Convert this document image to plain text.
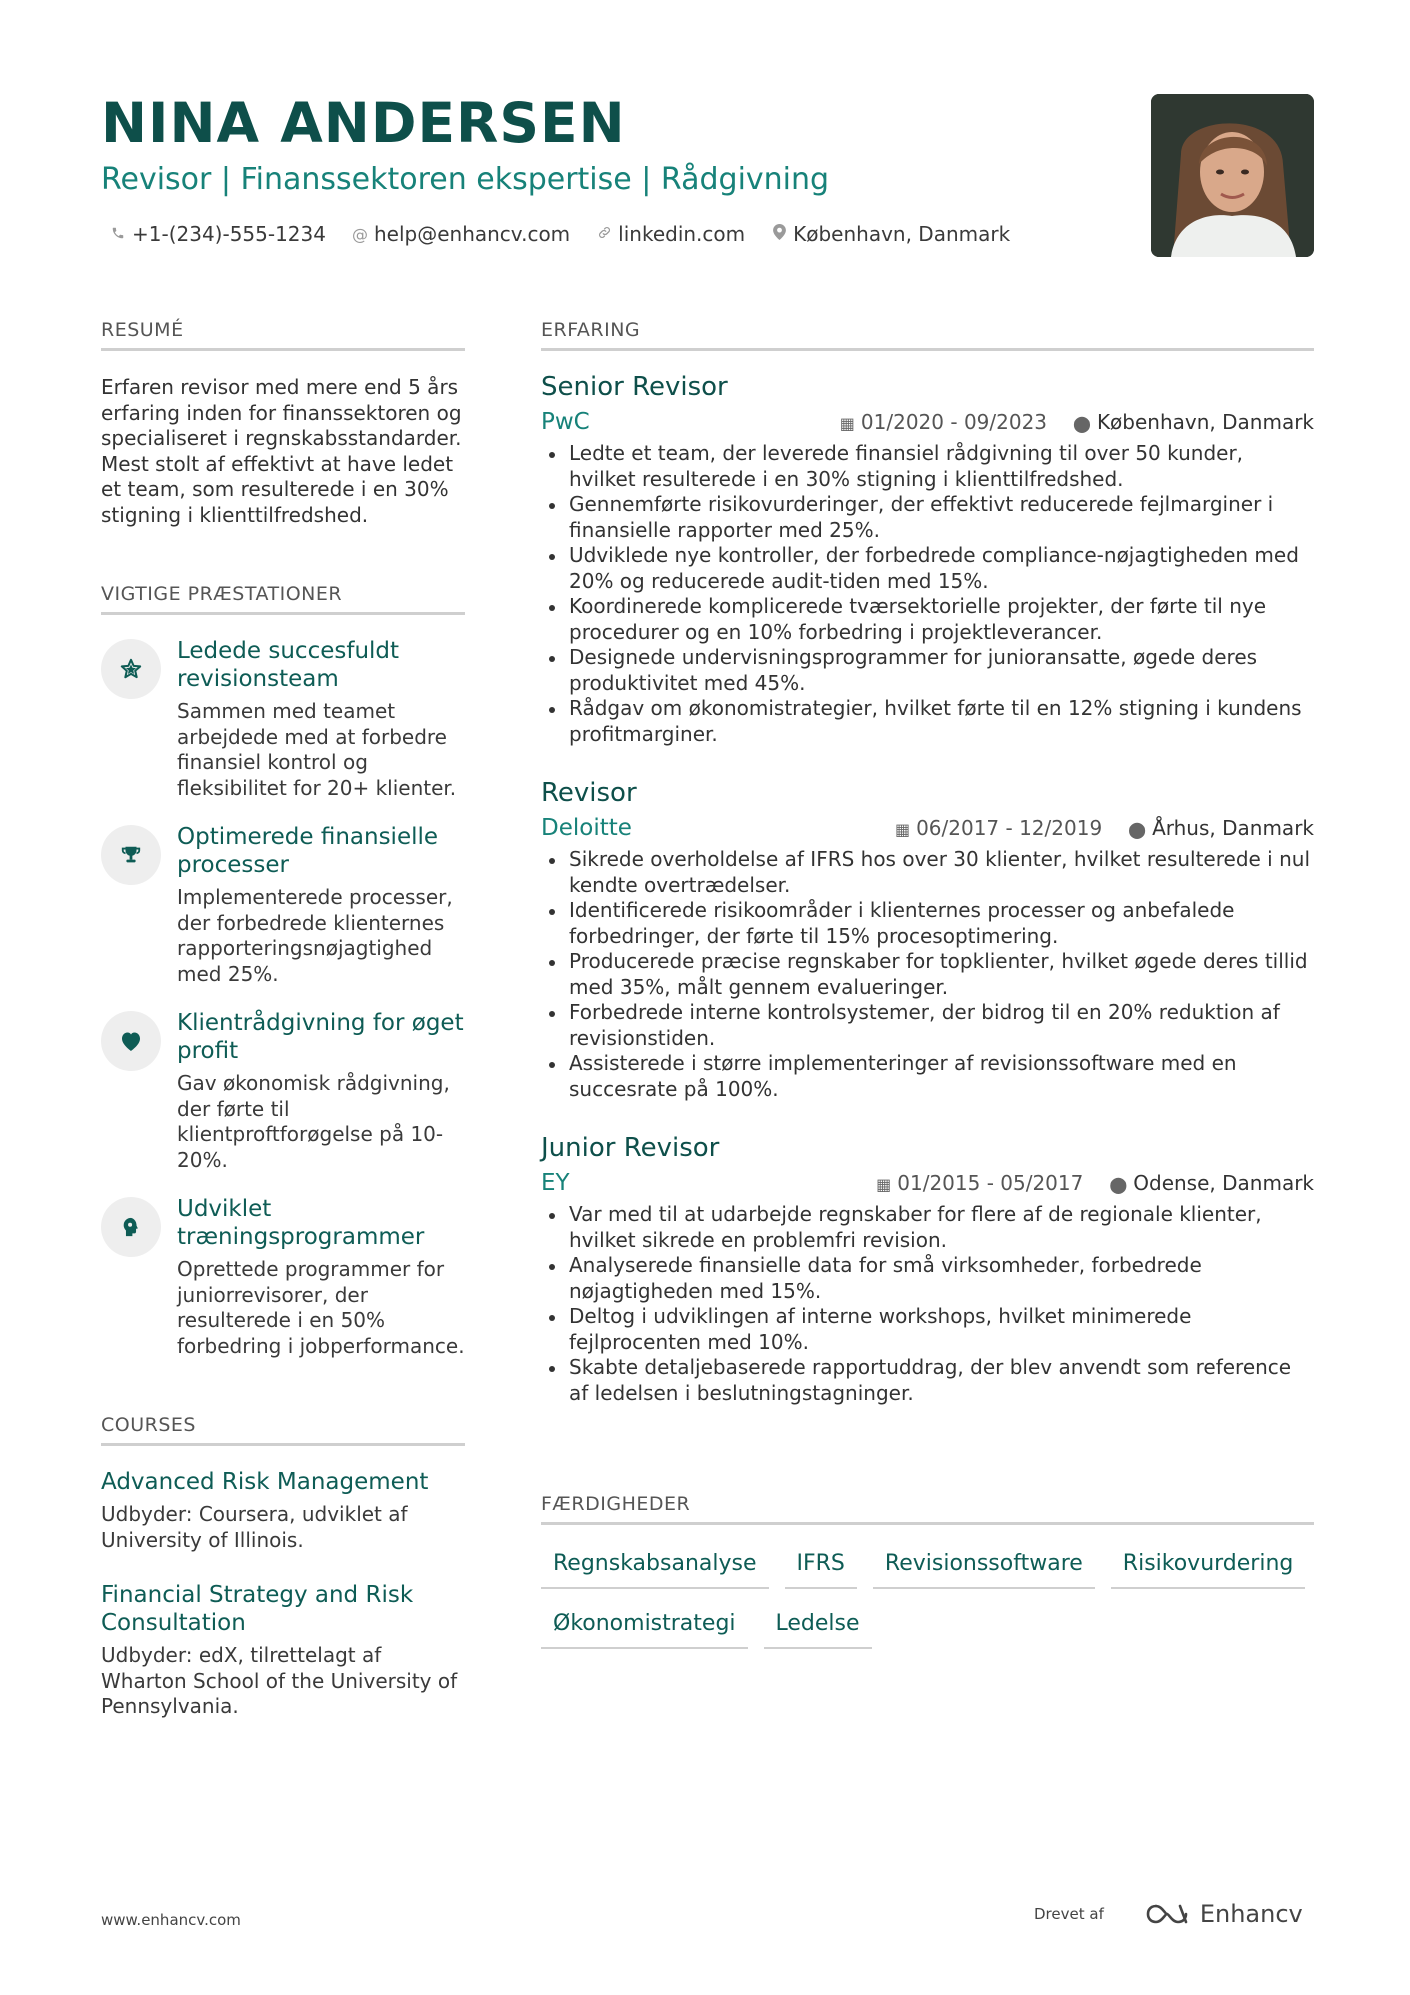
NINA ANDERSEN
Revisor | Finanssektoren ekspertise | Rådgivning
+1-(234)-555-1234 @ help@enhancv.com linkedin.com København, Danmark
RESUMÉ
Erfaren revisor med mere end 5 års erfaring inden for finanssektoren og specialiseret i regnskabsstandarder. Mest stolt af effektivt at have ledet et team, som resulterede i en 30% stigning i klienttilfredshed.
VIGTIGE PRÆSTATIONER
Ledede succesfuldt revisionsteam
Sammen med teamet arbejdede med at forbedre finansiel kontrol og fleksibilitet for 20+ klienter.
Optimerede finansielle processer
Implementerede processer, der forbedrede klienternes rapporteringsnøjagtighed med 25%.
Klientrådgivning for øget profit
Gav økonomisk rådgivning, der førte til klientproftforøgelse på 10-20%.
Udviklet træningsprogrammer
Oprettede programmer for juniorrevisorer, der resulterede i en 50% forbedring i jobperformance.
COURSES
Advanced Risk Management
Udbyder: Coursera, udviklet af University of Illinois.
Financial Strategy and Risk Consultation
Udbyder: edX, tilrettelagt af Wharton School of the University of Pennsylvania.
ERFARING
Senior Revisor
PwC	▦ 01/2020 - 09/2023 ⬤ København, Danmark
Ledte et team, der leverede finansiel rådgivning til over 50 kunder, hvilket resulterede i en 30% stigning i klienttilfredshed.
Gennemførte risikovurderinger, der effektivt reducerede fejlmarginer i finansielle rapporter med 25%.
Udviklede nye kontroller, der forbedrede compliance-nøjagtigheden med 20% og reducerede audit-tiden med 15%.
Koordinerede komplicerede tværsektorielle projekter, der førte til nye procedurer og en 10% forbedring i projektleverancer.
Designede undervisningsprogrammer for junioransatte, øgede deres produktivitet med 45%.
Rådgav om økonomistrategier, hvilket førte til en 12% stigning i kundens profitmarginer.
Revisor
Deloitte	▦ 06/2017 - 12/2019 ⬤ Århus, Danmark
Sikrede overholdelse af IFRS hos over 30 klienter, hvilket resulterede i nul kendte overtrædelser.
Identificerede risikoområder i klienternes processer og anbefalede forbedringer, der førte til 15% procesoptimering.
Producerede præcise regnskaber for topklienter, hvilket øgede deres tillid med 35%, målt gennem evalueringer.
Forbedrede interne kontrolsystemer, der bidrog til en 20% reduktion af revisionstiden.
Assisterede i større implementeringer af revisionssoftware med en succesrate på 100%.
Junior Revisor
EY	▦ 01/2015 - 05/2017 ⬤ Odense, Danmark
Var med til at udarbejde regnskaber for flere af de regionale klienter, hvilket sikrede en problemfri revision.
Analyserede finansielle data for små virksomheder, forbedrede nøjagtigheden med 15%.
Deltog i udviklingen af interne workshops, hvilket minimerede fejlprocenten med 10%.
Skabte detaljebaserede rapportuddrag, der blev anvendt som reference af ledelsen i beslutningstagninger.
FÆRDIGHEDER
Regnskabsanalyse	IFRS	Revisionssoftware	Risikovurdering
Økonomistrategi	Ledelse
www.enhancv.com	Drevet af	Enhancv
